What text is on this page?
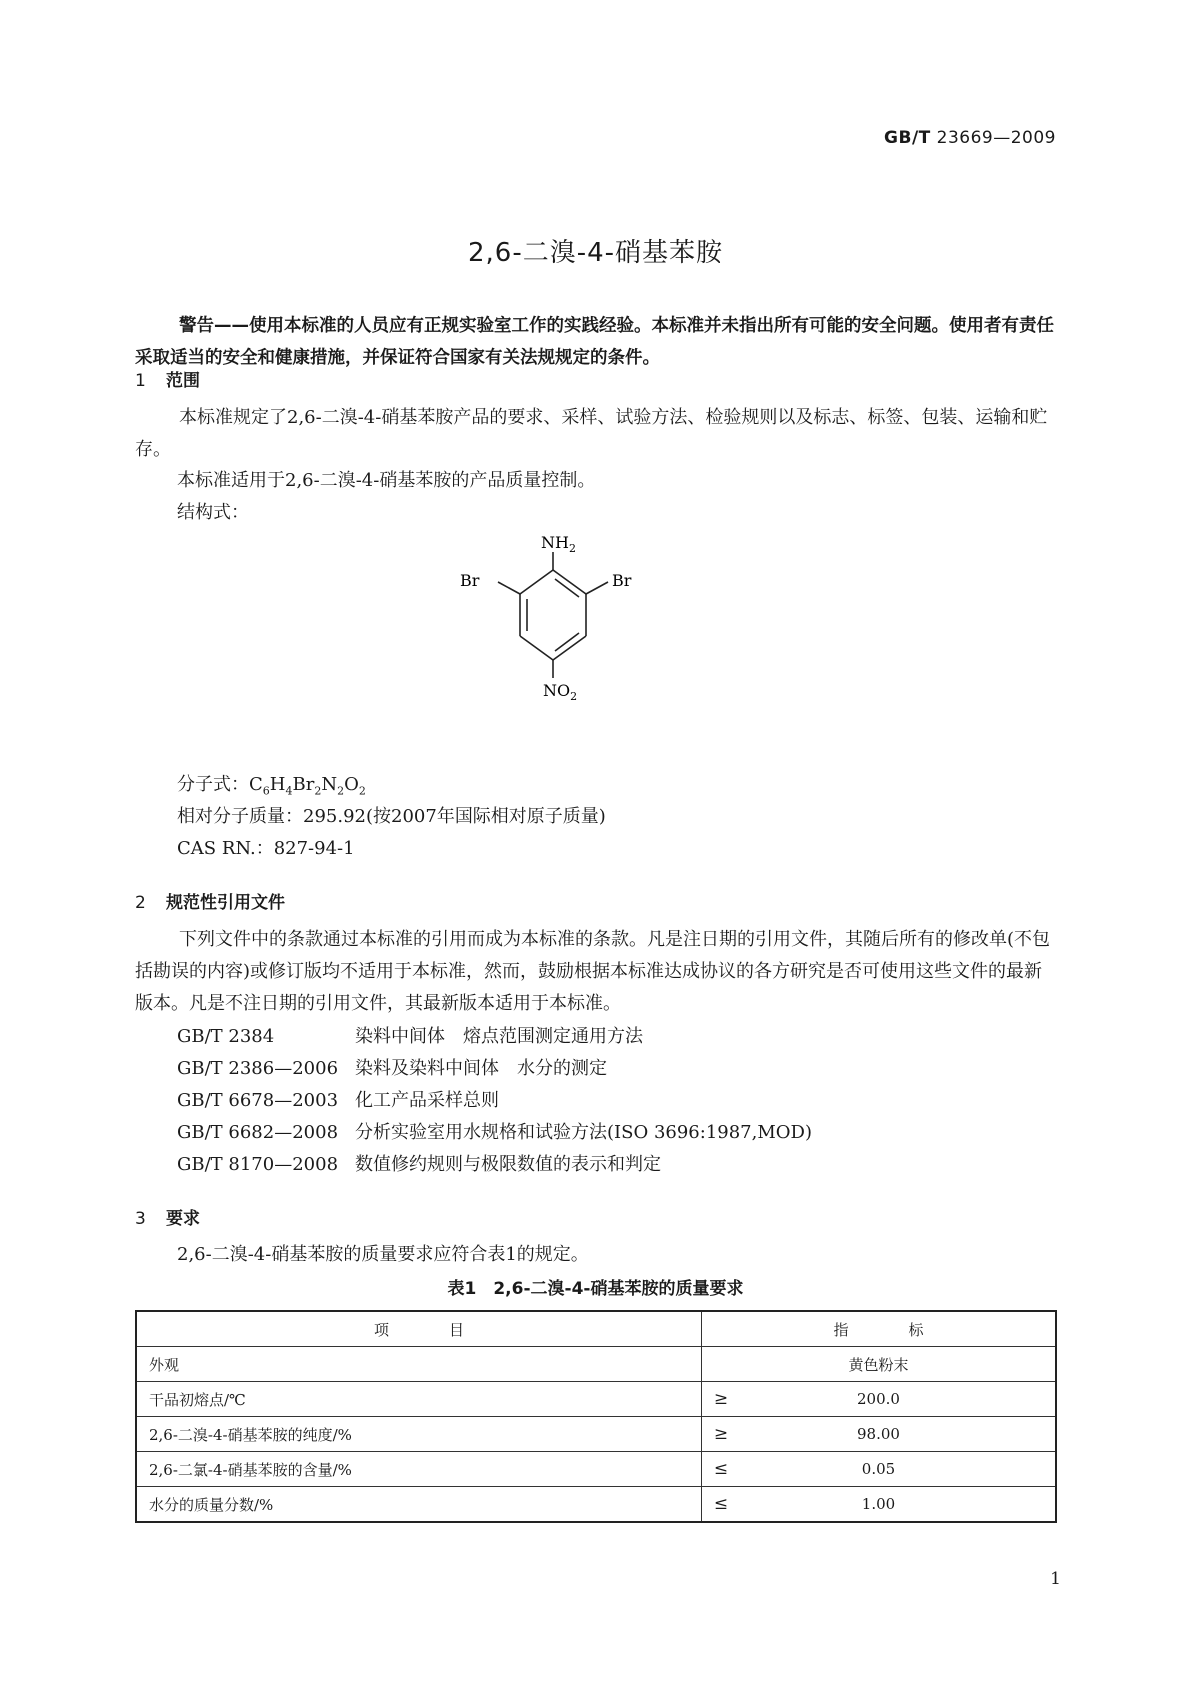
GB/T 23669—2009
2,6-二溴-4-硝基苯胺
警告——使用本标准的人员应有正规实验室工作的实践经验。本标准并未指出所有可能的安全问题。使用者有责任采取适当的安全和健康措施，并保证符合国家有关法规规定的条件。
1 范围
本标准规定了2,6-二溴-4-硝基苯胺产品的要求、采样、试验方法、检验规则以及标志、标签、包装、运输和贮存。
本标准适用于2,6-二溴-4-硝基苯胺的产品质量控制。
结构式：
$NH_2$
Br	Br
$NO_2$
分子式：$C_6H_4Br_2N_2O_2$
相对分子质量：295.92(按2007年国际相对原子质量)
CAS RN.：827-94-1
2 规范性引用文件
下列文件中的条款通过本标准的引用而成为本标准的条款。凡是注日期的引用文件，其随后所有的修改单(不包括勘误的内容)或修订版均不适用于本标准，然而，鼓励根据本标准达成协议的各方研究是否可使用这些文件的最新版本。凡是不注日期的引用文件，其最新版本适用于本标准。
GB/T 2384	染料中间体　熔点范围测定通用方法
GB/T 2386—2006 染料及染料中间体　水分的测定
GB/T 6678—2003 化工产品采样总则
GB/T 6682—2008 分析实验室用水规格和试验方法(ISO 3696:1987,MOD)
GB/T 8170—2008 数值修约规则与极限数值的表示和判定
3 要求
2,6-二溴-4-硝基苯胺的质量要求应符合表1的规定。
表1　2,6-二溴-4-硝基苯胺的质量要求
项　　　　目	指　　　　标	
外观	黄色粉末	
干品初熔点/℃	≥	200.0
2,6-二溴-4-硝基苯胺的纯度/%	≥	98.00
2,6-二氯-4-硝基苯胺的含量/%	≤	0.05
水分的质量分数/%	≤	1.00
1
